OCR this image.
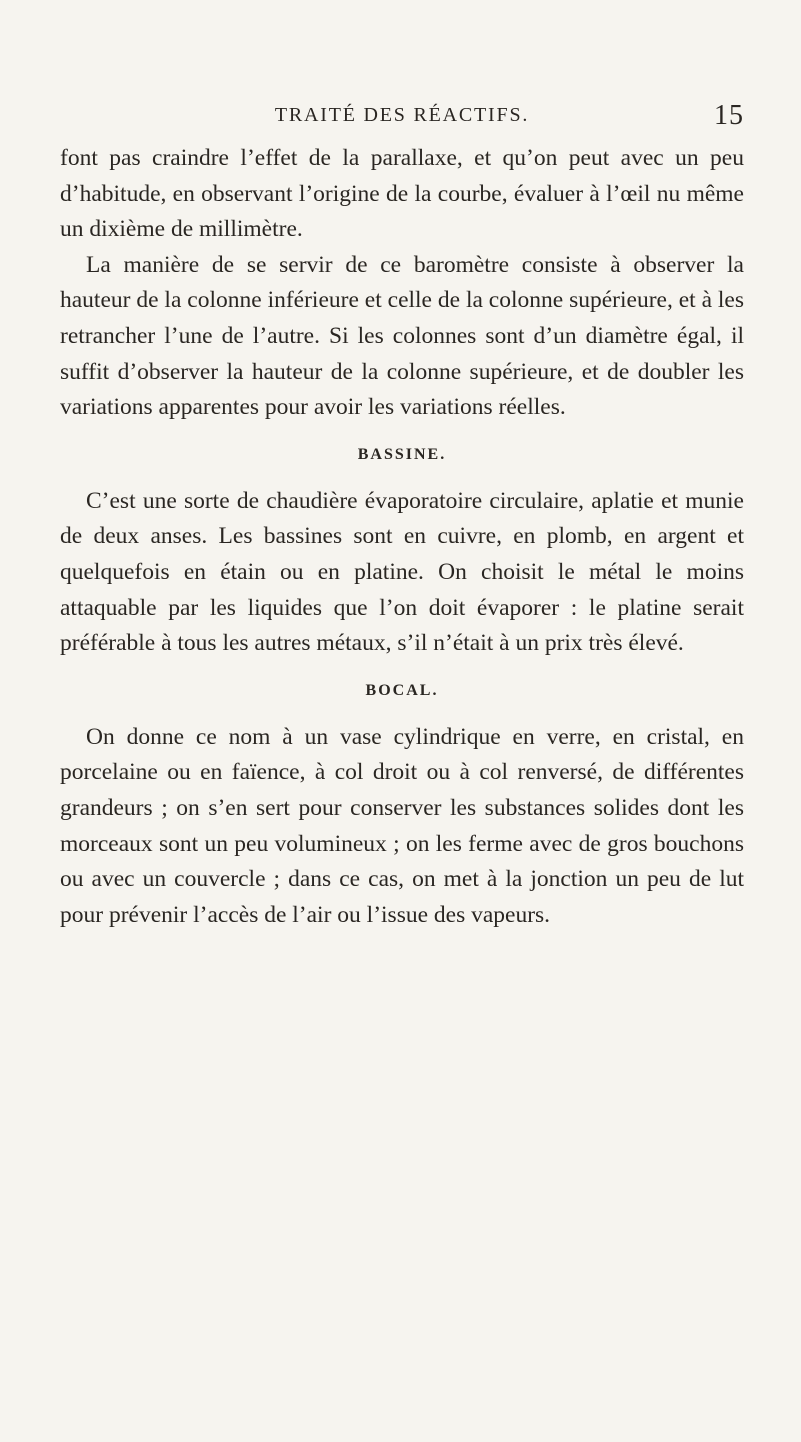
TRAITÉ DES RÉACTIFS.	15

font pas craindre l’effet de la parallaxe, et qu’on peut avec un peu d’habitude, en observant l’origine de la courbe, évaluer à l’œil nu même un dixième de millimètre.

La manière de se servir de ce baromètre consiste à observer la hauteur de la colonne inférieure et celle de la colonne supérieure, et à les retrancher l’une de l’autre. Si les colonnes sont d’un diamètre égal, il suffit d’observer la hauteur de la colonne supérieure, et de doubler les variations apparentes pour avoir les variations réelles.

BASSINE.

C’est une sorte de chaudière évaporatoire circulaire, aplatie et munie de deux anses. Les bassines sont en cuivre, en plomb, en argent et quelquefois en étain ou en platine. On choisit le métal le moins attaquable par les liquides que l’on doit évaporer : le platine serait préférable à tous les autres métaux, s’il n’était à un prix très élevé.

BOCAL.

On donne ce nom à un vase cylindrique en verre, en cristal, en porcelaine ou en faïence, à col droit ou à col renversé, de différentes grandeurs ; on s’en sert pour conserver les substances solides dont les morceaux sont un peu volumineux ; on les ferme avec de gros bouchons ou avec un couvercle ; dans ce cas, on met à la jonction un peu de lut pour prévenir l’accès de l’air ou l’issue des vapeurs.
